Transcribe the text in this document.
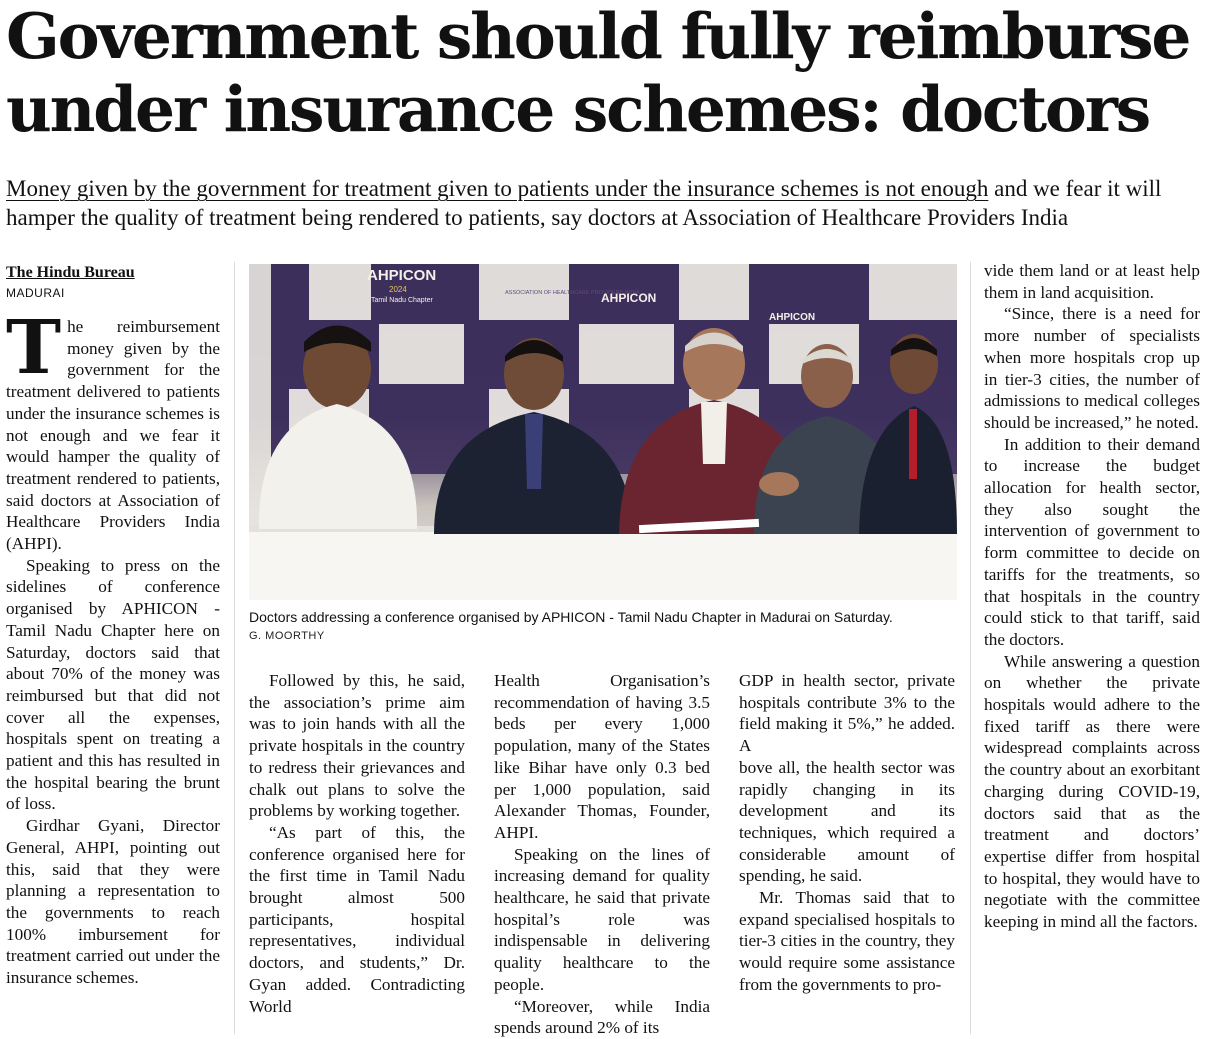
Government should fully reimburse under insurance schemes: doctors

Money given by the government for treatment given to patients under the insurance schemes is not enough and we fear it will hamper the quality of treatment being rendered to patients, say doctors at Association of Healthcare Providers India

The Hindu Bureau
MADURAI

The reimbursement money given by the government for the treatment delivered to patients under the insurance schemes is not enough and we fear it would hamper the quality of treatment rendered to patients, said doctors at Association of Healthcare Providers India (AHPI).

Speaking to press on the sidelines of conference organised by APHICON - Tamil Nadu Chapter here on Saturday, doctors said that about 70% of the money was reimbursed but that did not cover all the expenses, hospitals spent on treating a patient and this has resulted in the hospital bearing the brunt of loss.

Girdhar Gyani, Director General, AHPI, pointing out this, said that they were planning a representation to the governments to reach 100% imbursement for treatment carried out under the insurance schemes.

AHPICON
2024
Tamil Nadu Chapter	AHPICON
AHPICON
ASSOCIATION OF HEALTHCARE PROVIDERS INDIA
Doctors addressing a conference organised by APHICON - Tamil Nadu Chapter in Madurai on Saturday.
G. MOORTHY

Followed by this, he said, the association’s prime aim was to join hands with all the private hospitals in the country to redress their grievances and chalk out plans to solve the problems by working together.

“As part of this, the conference organised here for the first time in Tamil Nadu brought almost 500 participants, hospital representatives, individual doctors, and students,” Dr. Gyan added. Contradicting World

Health Organisation’s recommendation of having 3.5 beds per every 1,000 population, many of the States like Bihar have only 0.3 bed per 1,000 population, said Alexander Thomas, Founder, AHPI.

Speaking on the lines of increasing demand for quality healthcare, he said that private hospital’s role was indispensable in delivering quality healthcare to the people.

“Moreover, while India spends around 2% of its

GDP in health sector, private hospitals contribute 3% to the field making it 5%,” he added. A

bove all, the health sector was rapidly changing in its development and its techniques, which required a considerable amount of spending, he said.

Mr. Thomas said that to expand specialised hospitals to tier-3 cities in the country, they would require some assistance from the governments to pro-

vide them land or at least help them in land acquisition.

“Since, there is a need for more number of specialists when more hospitals crop up in tier-3 cities, the number of admissions to medical colleges should be increased,” he noted.

In addition to their demand to increase the budget allocation for health sector, they also sought the intervention of government to form committee to decide on tariffs for the treatments, so that hospitals in the country could stick to that tariff, said the doctors.

While answering a question on whether the private hospitals would adhere to the fixed tariff as there were widespread complaints across the country about an exorbitant charging during COVID-19, doctors said that as the treatment and doctors’ expertise differ from hospital to hospital, they would have to negotiate with the committee keeping in mind all the factors.
